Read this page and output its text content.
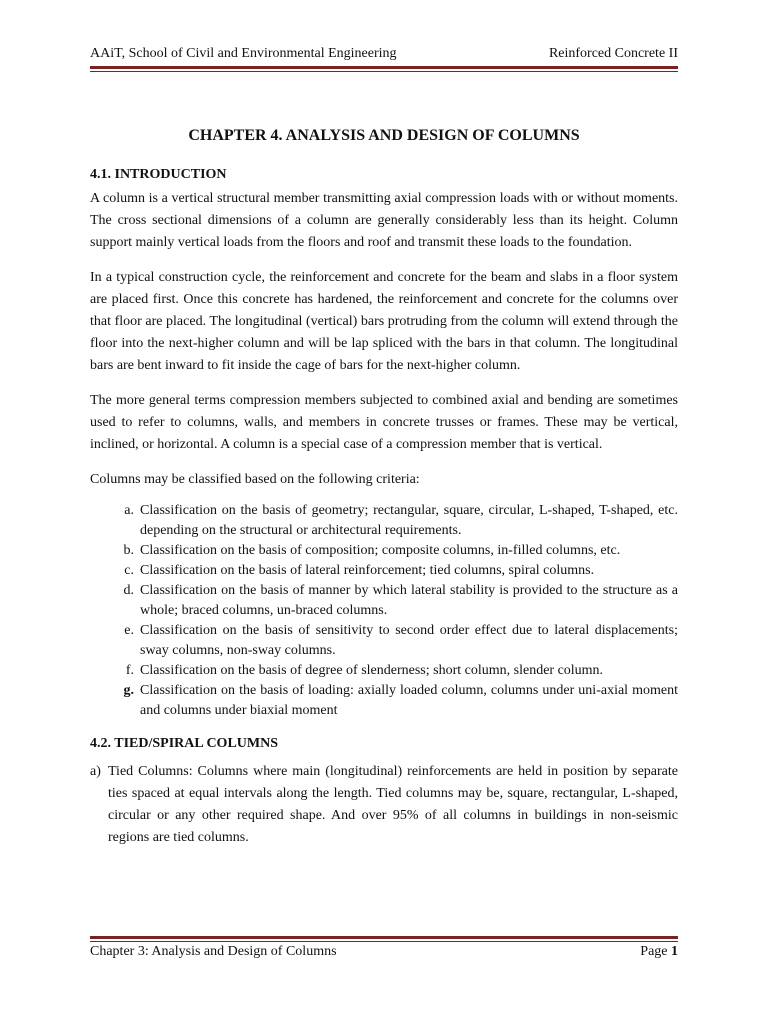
AAiT, School of Civil and Environmental Engineering	Reinforced Concrete II
CHAPTER 4. ANALYSIS AND DESIGN OF COLUMNS
4.1. INTRODUCTION

A column is a vertical structural member transmitting axial compression loads with or without moments. The cross sectional dimensions of a column are generally considerably less than its height. Column support mainly vertical loads from the floors and roof and transmit these loads to the foundation.

In a typical construction cycle, the reinforcement and concrete for the beam and slabs in a floor system are placed first. Once this concrete has hardened, the reinforcement and concrete for the columns over that floor are placed. The longitudinal (vertical) bars protruding from the column will extend through the floor into the next-higher column and will be lap spliced with the bars in that column. The longitudinal bars are bent inward to fit inside the cage of bars for the next-higher column.

The more general terms compression members subjected to combined axial and bending are sometimes used to refer to columns, walls, and members in concrete trusses or frames. These may be vertical, inclined, or horizontal. A column is a special case of a compression member that is vertical.

Columns may be classified based on the following criteria:

a. Classification on the basis of geometry; rectangular, square, circular, L-shaped, T-shaped, etc. depending on the structural or architectural requirements.
b. Classification on the basis of composition; composite columns, in-filled columns, etc.
c. Classification on the basis of lateral reinforcement; tied columns, spiral columns.
d. Classification on the basis of manner by which lateral stability is provided to the structure as a whole; braced columns, un-braced columns.
e. Classification on the basis of sensitivity to second order effect due to lateral displacements; sway columns, non-sway columns.
f. Classification on the basis of degree of slenderness; short column, slender column.
g. Classification on the basis of loading: axially loaded column, columns under uni-axial moment and columns under biaxial moment
4.2. TIED/SPIRAL COLUMNS
a) Tied Columns: Columns where main (longitudinal) reinforcements are held in position by separate ties spaced at equal intervals along the length. Tied columns may be, square, rectangular, L-shaped, circular or any other required shape. And over 95% of all columns in buildings in non-seismic regions are tied columns.
Chapter 3: Analysis and Design of Columns	Page 1
